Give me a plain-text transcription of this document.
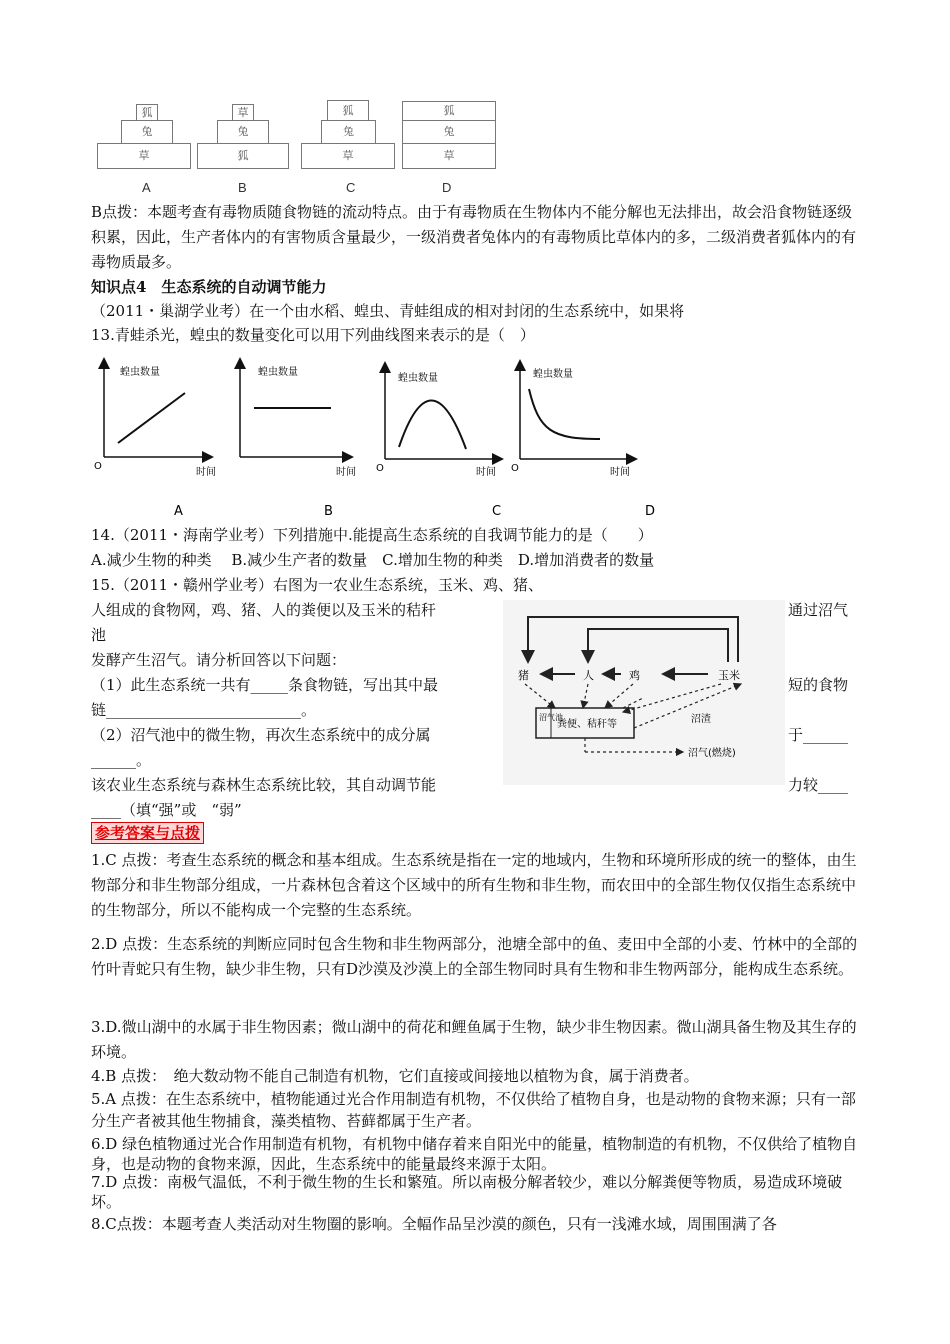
狐
兔
草
A
草
兔
狐
B
狐
兔
草
C
狐
兔
草
D
B点拨：本题考查有毒物质随食物链的流动特点。由于有毒物质在生物体内不能分解也无法排出，故会沿食物链逐级积累，因此，生产者体内的有害物质含量最少，一级消费者兔体内的有毒物质比草体内的多，二级消费者狐体内的有毒物质最多。
知识点4　生态系统的自动调节能力
（2011・巢湖学业考）在一个由水稻、蝗虫、青蛙组成的相对封闭的生态系统中，如果将
13.青蛙杀光，蝗虫的数量变化可以用下列曲线图来表示的是（　）
蝗虫数量
时间
O
A
蝗虫数量
时间
B
蝗虫数量
时间
O
C
蝗虫数量
时间
O
D
14.（2011・海南学业考）下列措施中.能提高生态系统的自我调节能力的是（　　）
A.减少生物的种类　 B.减少生产者的数量　C.增加生物的种类　D.增加消费者的数量
15.（2011・赣州学业考）右图为一农业生态系统，玉米、鸡、猪、
人组成的食物网，鸡、猪、人的粪便以及玉米的秸秆	通过沼气
池
发酵产生沼气。请分析回答以下问题：
（1）此生态系统一共有_____条食物链，写出其中最	短的食物
链__________________________。
（2）沼气池中的微生物，再次生态系统中的成分属	于______
______。
该农业生态系统与森林生态系统比较，其自动调节能	力较____
____（填“强”或　“弱”
猪	人	鸡	玉米
沼气池
粪便、秸秆等	沼渣
沼气(燃烧)
参考答案与点拨
1.C 点拨：考查生态系统的概念和基本组成。生态系统是指在一定的地域内，生物和环境所形成的统一的整体，由生物部分和非生物部分组成，一片森林包含着这个区域中的所有生物和非生物，而农田中的全部生物仅仅指生态系统中的生物部分，所以不能构成一个完整的生态系统。
2.D 点拨：生态系统的判断应同时包含生物和非生物两部分，池塘全部中的鱼、麦田中全部的小麦、竹林中的全部的竹叶青蛇只有生物，缺少非生物，只有D沙漠及沙漠上的全部生物同时具有生物和非生物两部分，能构成生态系统。
3.D.微山湖中的水属于非生物因素；微山湖中的荷花和鲤鱼属于生物，缺少非生物因素。微山湖具备生物及其生存的环境。
4.B 点拨：　绝大数动物不能自己制造有机物，它们直接或间接地以植物为食，属于消费者。
5.A 点拨：在生态系统中，植物能通过光合作用制造有机物，不仅供给了植物自身，也是动物的食物来源；只有一部分生产者被其他生物捕食，藻类植物、苔藓都属于生产者。
6.D 绿色植物通过光合作用制造有机物，有机物中储存着来自阳光中的能量，植物制造的有机物，不仅供给了植物自身，也是动物的食物来源，因此，生态系统中的能量最终来源于太阳。
7.D 点拨：南极气温低，不利于微生物的生长和繁殖。所以南极分解者较少，难以分解粪便等物质，易造成环境破坏。
8.C点拨：本题考查人类活动对生物圈的影响。全幅作品呈沙漠的颜色，只有一浅滩水域，周围围满了各
